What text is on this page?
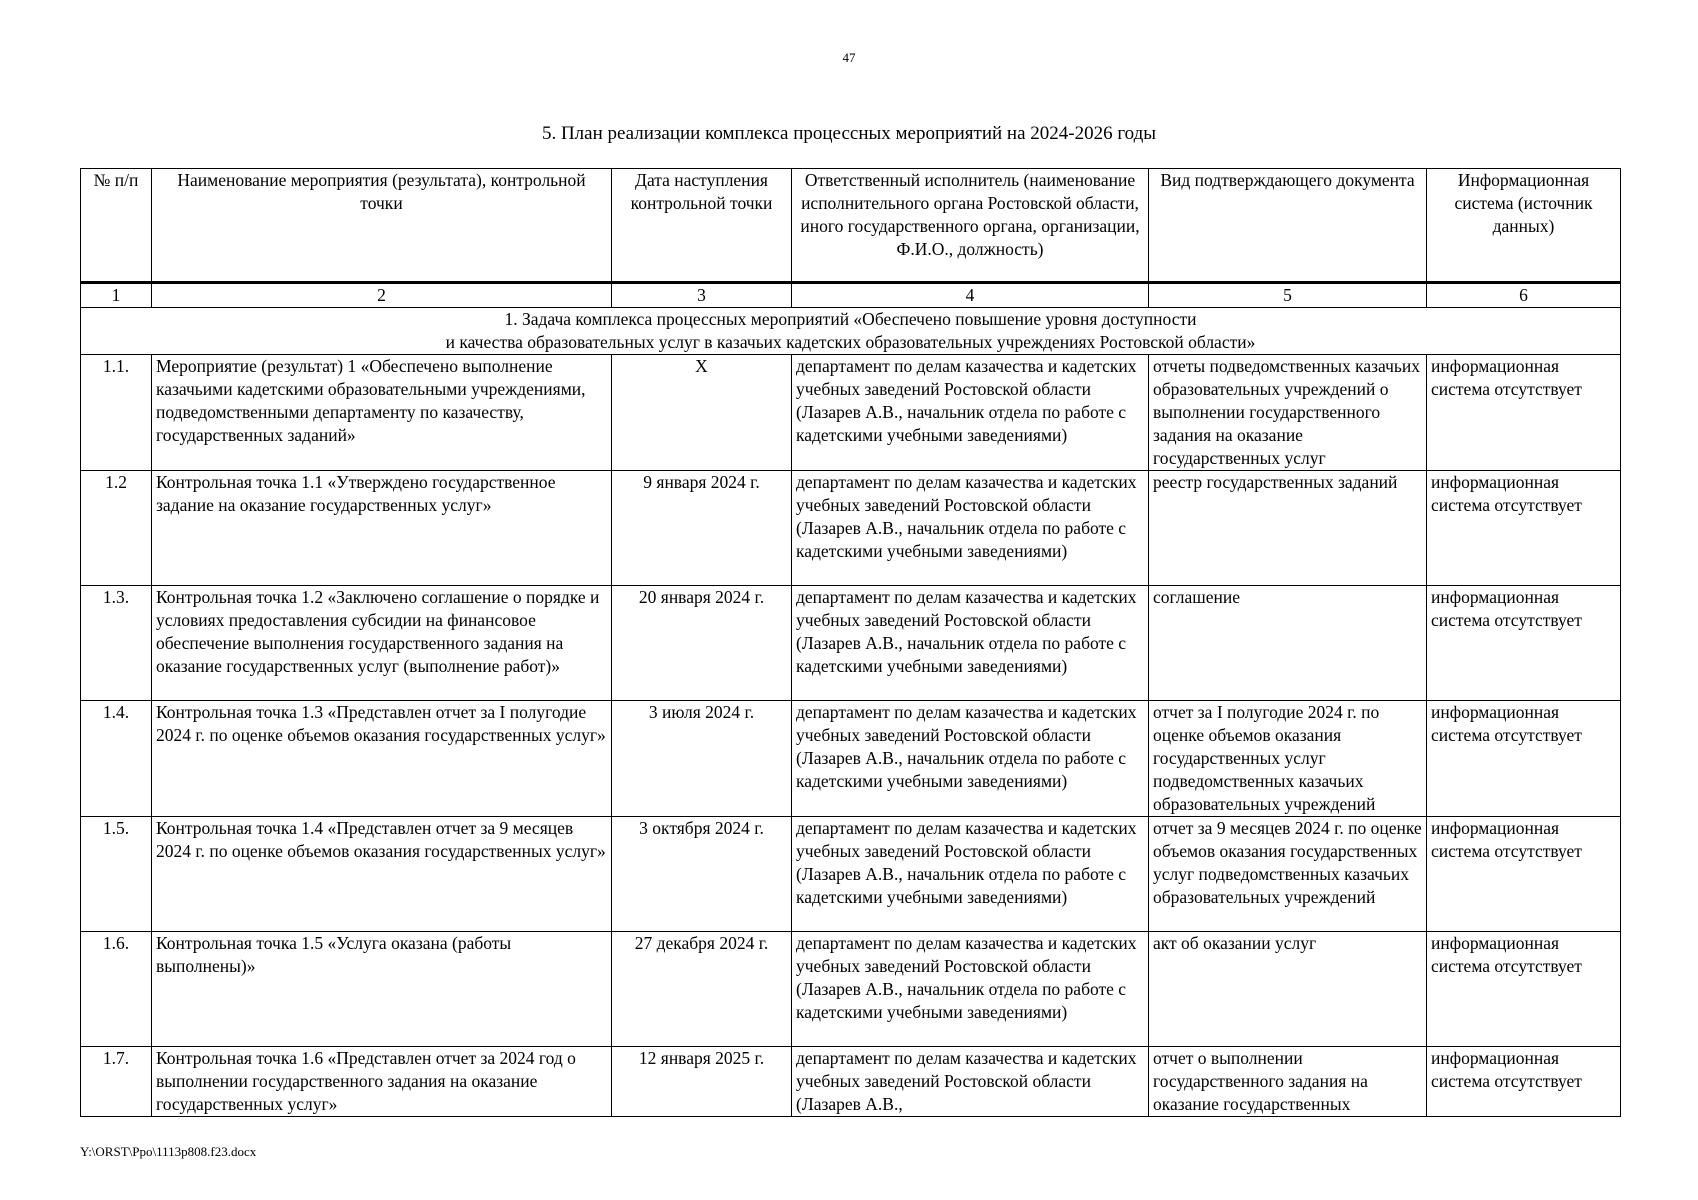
47
5. План реализации комплекса процессных мероприятий на 2024-2026 годы
№ п/п	Наименование мероприятия (результата), контрольной точки	Дата наступления контрольной точки	Ответственный исполнитель (наименование исполнительного органа Ростовской области, иного государственного органа, организации, Ф.И.О., должность)	Вид подтверждающего документа	Информационная система (источник данных)
1	2	3	4	5	6

1. Задача комплекса процессных мероприятий «Обеспечено повышение уровня доступности
и качества образовательных услуг в казачьих кадетских образовательных учреждениях Ростовской области»					

1.1.	Мероприятие (результат) 1 «Обеспечено выполнение казачьими кадетскими образовательными учреждениями, подведомственными департаменту по казачеству, государственных заданий»	Х	департамент по делам казачества и кадетских учебных заведений Ростовской области (Лазарев А.В., начальник отдела по работе с кадетскими учебными заведениями)	отчеты подведомственных казачьих образовательных учреждений о выполнении государственного задания на оказание государственных услуг	информационная система отсутствует
1.2	Контрольная точка 1.1 «Утверждено государственное задание на оказание государственных услуг»	9 января 2024 г.	департамент по делам казачества и кадетских учебных заведений Ростовской области (Лазарев А.В., начальник отдела по работе с кадетскими учебными заведениями)	реестр государственных заданий	информационная система отсутствует
1.3.	Контрольная точка 1.2 «Заключено соглашение о порядке и условиях предоставления субсидии на финансовое обеспечение выполнения государственного задания на оказание государственных услуг (выполнение работ)»	20 января 2024 г.	департамент по делам казачества и кадетских учебных заведений Ростовской области (Лазарев А.В., начальник отдела по работе с кадетскими учебными заведениями)	соглашение	информационная система отсутствует
1.4.	Контрольная точка 1.3 «Представлен отчет за I полугодие 2024 г. по оценке объемов оказания государственных услуг»	3 июля 2024 г.	департамент по делам казачества и кадетских учебных заведений Ростовской области (Лазарев А.В., начальник отдела по работе с кадетскими учебными заведениями)	отчет за I полугодие 2024 г. по оценке объемов оказания государственных услуг подведомственных казачьих образовательных учреждений	информационная система отсутствует
1.5.	Контрольная точка 1.4 «Представлен отчет за 9 месяцев 2024 г. по оценке объемов оказания государственных услуг»	3 октября 2024 г.	департамент по делам казачества и кадетских учебных заведений Ростовской области (Лазарев А.В., начальник отдела по работе с кадетскими учебными заведениями)	отчет за 9 месяцев 2024 г. по оценке объемов оказания государственных услуг подведомственных казачьих образовательных учреждений	информационная система отсутствует
1.6.	Контрольная точка 1.5 «Услуга оказана (работы выполнены)»	27 декабря 2024 г.	департамент по делам казачества и кадетских учебных заведений Ростовской области (Лазарев А.В., начальник отдела по работе с кадетскими учебными заведениями)	акт об оказании услуг	информационная система отсутствует
1.7.	Контрольная точка 1.6 «Представлен отчет за 2024 год о выполнении государственного задания на оказание государственных услуг»	12 января 2025 г.	департамент по делам казачества и кадетских учебных заведений Ростовской области (Лазарев А.В.,	отчет о выполнении государственного задания на оказание государственных	информационная система отсутствует
Y:\ORST\Ppo\1113p808.f23.docx
